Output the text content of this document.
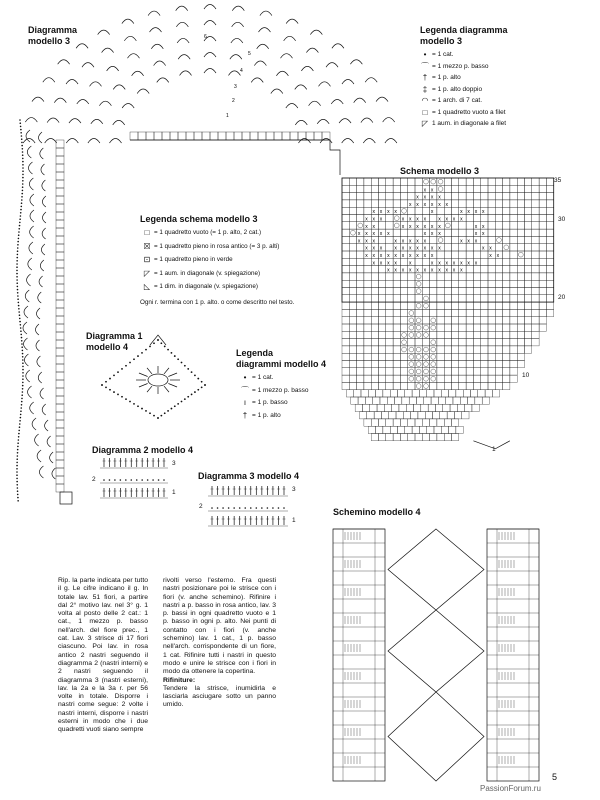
Diagramma
modello 3	6
5
4
3
2
1
Legenda diagramma
modello 3
• = 1 cat.
⌒ = 1 mezzo p. basso
† = 1 p. alto
‡ = 1 p. alto doppio
◠ = 1 arch. di 7 cat.
□ = 1 quadretto vuoto a filet
◸ 1 aum. in diagonale a filet
Legenda schema modello 3
□ = 1 quadretto vuoto (= 1 p. alto, 2 cat.)
☒ = 1 quadretto pieno in rosa antico (= 3 p. alti)
⊡ = 1 quadretto pieno in verde
◸ = 1 aum. in diagonale (v. spiegazione)
◺ = 1 dim. in diagonale (v. spiegazione)
Ogni r. termina con 1 p. alto. o come descritto nel testo.
Schema modello 3
x x
x x x x
x x x x x x
x x x x	x	x x x x
x x x	x x x x x x x x
x x	x x x x x x	x x
x x x x x	x x x	x x
x x x	x x x x x	x x x
x x x x x x x x x x	x x
x x x x x x x x x x	x x
x x x x x	x x x x x x x
x x x x x x x x x x x
35
30
20
10
1
Diagramma 1
modello 4
Legenda
diagrammi modello 4
• = 1 cat.
⌒ = 1 mezzo p. basso
ı = 1 p. basso
† = 1 p. alto
Diagramma 2 modello 4
Diagramma 3 modello 4
3
2
1	3
2
1
Schemino modello 4
Rip. la parte indicata per tutto il g. Le cifre indicano il g. In totale lav. 51 fiori, a partire dal 2° motivo lav. nel 3° g. 1 volta al posto delle 2 cat.: 1 cat., 1 mezzo p. basso nell'arch. del fiore prec., 1 cat. Lav. 3 strisce di 17 fiori ciascuno. Poi lav. in rosa antico 2 nastri seguendo il diagramma 2 (nastri interni) e 2 nastri seguendo il diagramma 3 (nastri esterni), lav. la 2a e la 3a r. per 56 volte in totale. Disporre i nastri come segue: 2 volte i nastri interni, disporre i nastri esterni in modo che i due quadretti vuoti siano sempre
rivolti verso l'esterno. Fra questi nastri posizionare poi le strisce con i fiori (v. anche schemino). Rifinire i nastri a p. basso in rosa antico, lav. 3 p. bassi in ogni quadretto vuoto e 1 p. basso in ogni p. alto. Nei punti di contatto con i fiori (v. anche schemino) lav. 1 cat., 1 p. basso nell'arch. corrispondente di un fiore, 1 cat. Rifinire tutti i nastri in questo modo e unire le strisce con i fiori in modo da ottenere la copertina.
Rifiniture:
Tendere la strisce, inumidirla e lasciarla asciugare sotto un panno umido.
5
PassionForum.ru
